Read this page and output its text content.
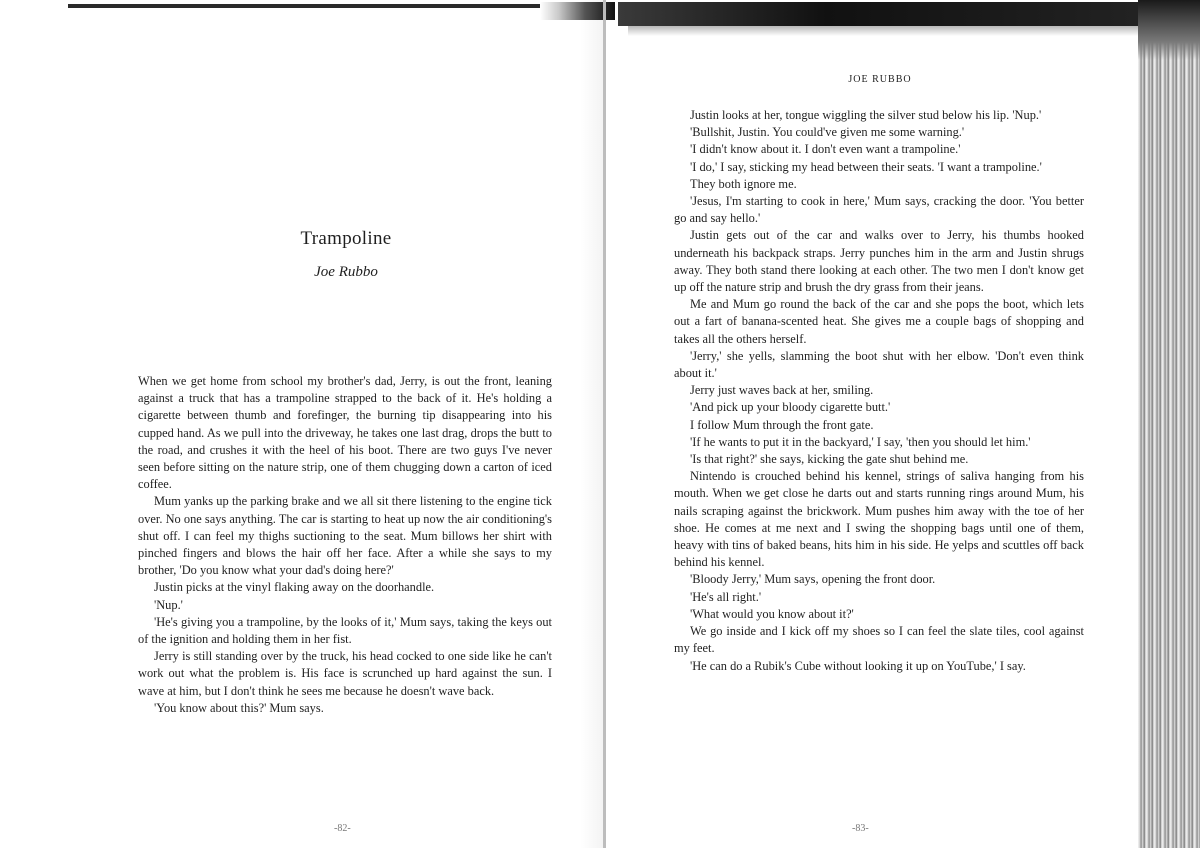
Trampoline
Joe Rubbo

When we get home from school my brother's dad, Jerry, is out the front, leaning against a truck that has a trampoline strapped to the back of it. He's holding a cigarette between thumb and forefinger, the burning tip disappearing into his cupped hand. As we pull into the driveway, he takes one last drag, drops the butt to the road, and crushes it with the heel of his boot. There are two guys I've never seen before sitting on the nature strip, one of them chugging down a carton of iced coffee.

Mum yanks up the parking brake and we all sit there listening to the engine tick over. No one says anything. The car is starting to heat up now the air conditioning's shut off. I can feel my thighs suctioning to the seat. Mum billows her shirt with pinched fingers and blows the hair off her face. After a while she says to my brother, 'Do you know what your dad's doing here?'

Justin picks at the vinyl flaking away on the doorhandle.

'Nup.'

'He's giving you a trampoline, by the looks of it,' Mum says, taking the keys out of the ignition and holding them in her fist.

Jerry is still standing over by the truck, his head cocked to one side like he can't work out what the problem is. His face is scrunched up hard against the sun. I wave at him, but I don't think he sees me because he doesn't wave back.

'You know about this?' Mum says.

-82-
JOE RUBBO

Justin looks at her, tongue wiggling the silver stud below his lip. 'Nup.'

'Bullshit, Justin. You could've given me some warning.'

'I didn't know about it. I don't even want a trampoline.'

'I do,' I say, sticking my head between their seats. 'I want a trampoline.'

They both ignore me.

'Jesus, I'm starting to cook in here,' Mum says, cracking the door. 'You better go and say hello.'

Justin gets out of the car and walks over to Jerry, his thumbs hooked underneath his backpack straps. Jerry punches him in the arm and Justin shrugs away. They both stand there looking at each other. The two men I don't know get up off the nature strip and brush the dry grass from their jeans.

Me and Mum go round the back of the car and she pops the boot, which lets out a fart of banana-scented heat. She gives me a couple bags of shopping and takes all the others herself.

'Jerry,' she yells, slamming the boot shut with her elbow. 'Don't even think about it.'

Jerry just waves back at her, smiling.

'And pick up your bloody cigarette butt.'

I follow Mum through the front gate.

'If he wants to put it in the backyard,' I say, 'then you should let him.'

'Is that right?' she says, kicking the gate shut behind me.

Nintendo is crouched behind his kennel, strings of saliva hanging from his mouth. When we get close he darts out and starts running rings around Mum, his nails scraping against the brickwork. Mum pushes him away with the toe of her shoe. He comes at me next and I swing the shopping bags until one of them, heavy with tins of baked beans, hits him in his side. He yelps and scuttles off back behind his kennel.

'Bloody Jerry,' Mum says, opening the front door.

'He's all right.'

'What would you know about it?'

We go inside and I kick off my shoes so I can feel the slate tiles, cool against my feet.

'He can do a Rubik's Cube without looking it up on YouTube,' I say.

-83-
